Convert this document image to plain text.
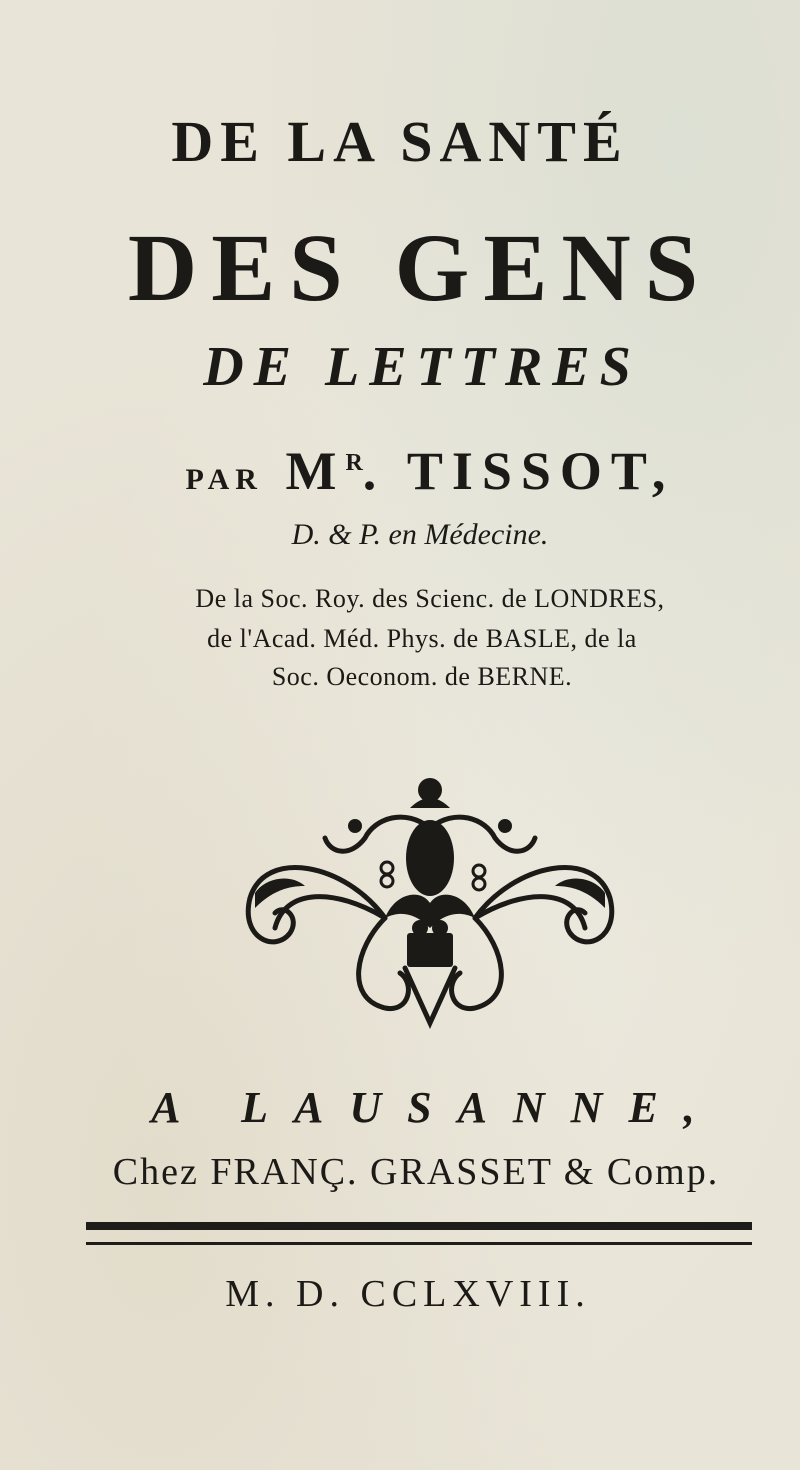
DE LA SANTÉ
DES GENS
DE LETTRES
PAR $M^R$. TISSOT,
D. & P. en Médecine.
De la Soc. Roy. des Scienc. de LONDRES,
de l'Acad. Méd. Phys. de BASLE, de la
Soc. Oeconom. de BERNE.
A LAUSANNE,
Chez FRANÇ. GRASSET & Comp.
M. D. CCLXVIII.
